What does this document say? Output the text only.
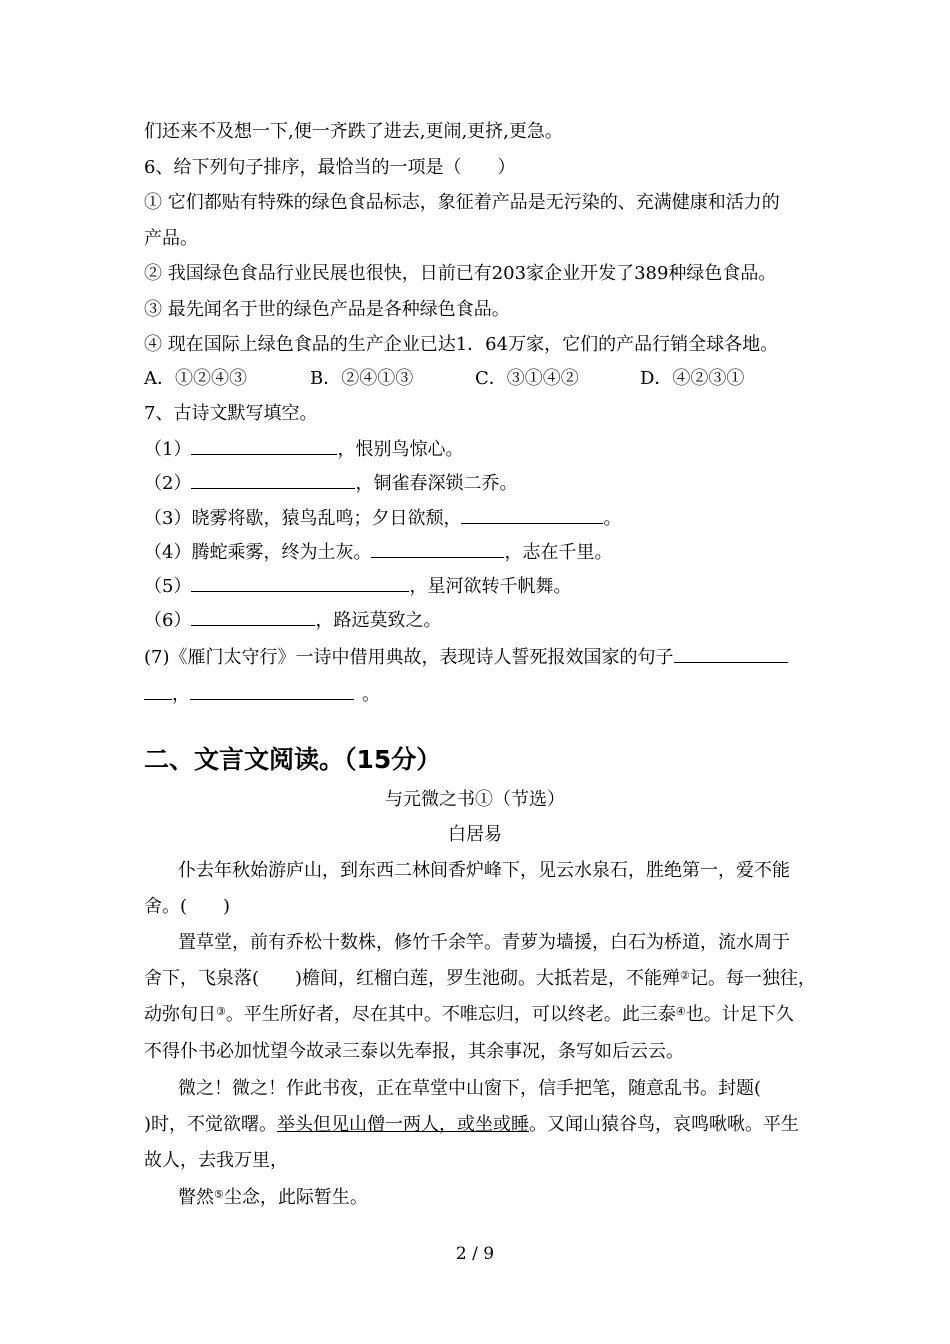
们还来不及想一下,便一齐跌了进去,更闹,更挤,更急。
6、给下列句子排序，最恰当的一项是（　　）
① 它们都贴有特殊的绿色食品标志，象征着产品是无污染的、充满健康和活力的
产品。
② 我国绿色食品行业民展也很快，日前已有203家企业开发了389种绿色食品。
③ 最先闻名于世的绿色产品是各种绿色食品。
④ 现在国际上绿色食品的生产企业已达1．64万家，它们的产品行销全球各地。
A．①②④③	B．②④①③	C．③①④②	D．④②③①
7、古诗文默写填空。
（1）	，恨别鸟惊心。
（2）	，铜雀春深锁二乔。
（3）晓雾将歇，猿鸟乱鸣；夕日欲颓，	。
（4）腾蛇乘雾，终为土灰。	，志在千里。
（5）	，星河欲转千帆舞。
（6）	，路远莫致之。
(7)《雁门太守行》一诗中借用典故，表现诗人誓死报效国家的句子
，	。
二、文言文阅读。（15分）
与元微之书①（节选）
白居易
仆去年秋始游庐山，到东西二林间香炉峰下，见云水泉石，胜绝第一，爱不能
舍。(　　)
置草堂，前有乔松十数株，修竹千余竿。青萝为墙援，白石为桥道，流水周于
舍下，飞泉落(　　)檐间，红榴白莲，罗生池砌。大抵若是，不能殚②记。每一独往，
动弥旬日③。平生所好者，尽在其中。不唯忘归，可以终老。此三泰④也。计足下久
不得仆书必加忧望今故录三泰以先奉报，其余事况，条写如后云云。
微之！微之！作此书夜，正在草堂中山窗下，信手把笔，随意乱书。封题(
)时，不觉欲曙。举头但见山僧一两人，或坐或睡。又闻山猿谷鸟，哀鸣啾啾。平生
故人，去我万里，
瞥然⑤尘念，此际暂生。
2 / 9
